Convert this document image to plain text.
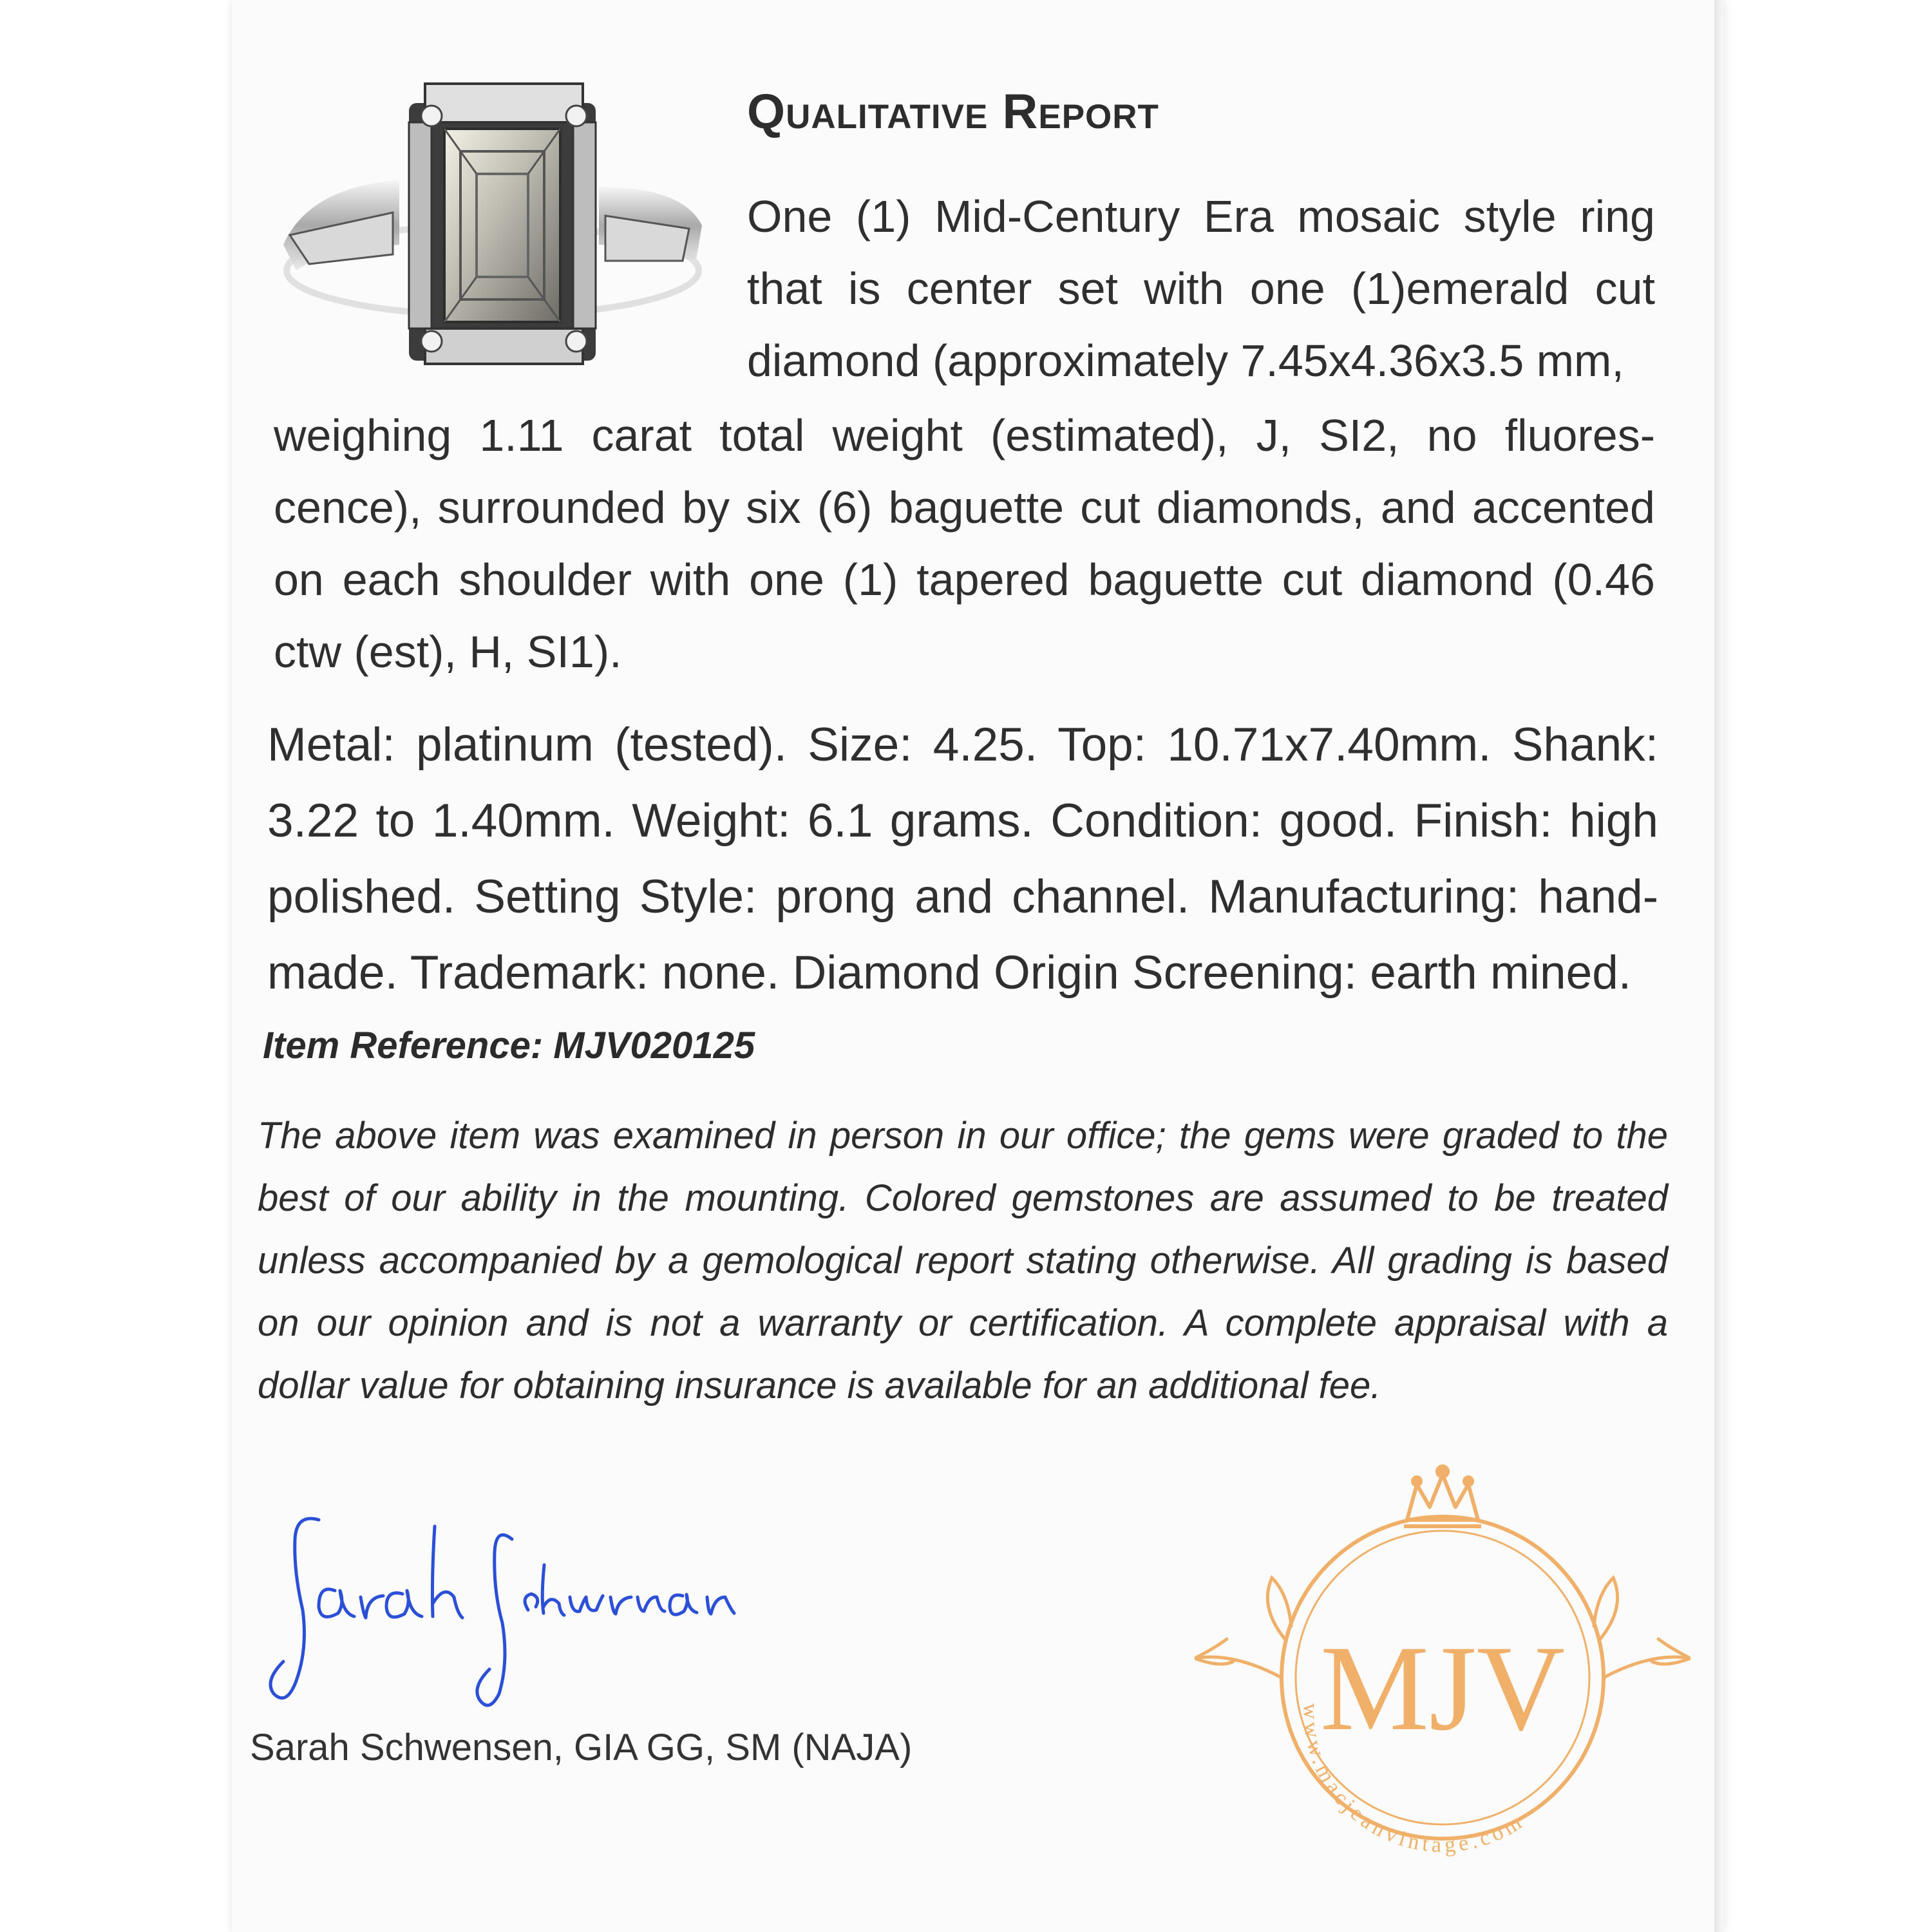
Qualitative Report

One (1) Mid-Century Era mosaic style ring that is center set with one (1)emerald cut diamond (approximately 7.45x4.36x3.5 mm,

weighing 1.11 carat total weight (estimated), J, SI2, no fluores-cence), surrounded by six (6) baguette cut diamonds, and accented on each shoulder with one (1) tapered baguette cut diamond (0.46 ctw (est), H, SI1).

Metal: platinum (tested). Size: 4.25. Top: 10.71x7.40mm. Shank: 3.22 to 1.40mm. Weight: 6.1 grams. Condition: good. Finish: high polished. Setting Style: prong and channel. Manufacturing: hand-made. Trademark: none. Diamond Origin Screening: earth mined.

Item Reference: MJV020125

The above item was examined in person in our office; the gems were graded to the best of our ability in the mounting. Colored gemstones are assumed to be treated unless accompanied by a gemological report stating otherwise. All grading is based on our opinion and is not a warranty or certification. A complete appraisal with a dollar value for obtaining insurance is available for an additional fee.

Sarah Schwensen, GIA GG, SM (NAJA)	MJV
www.macjeanvintage.com
